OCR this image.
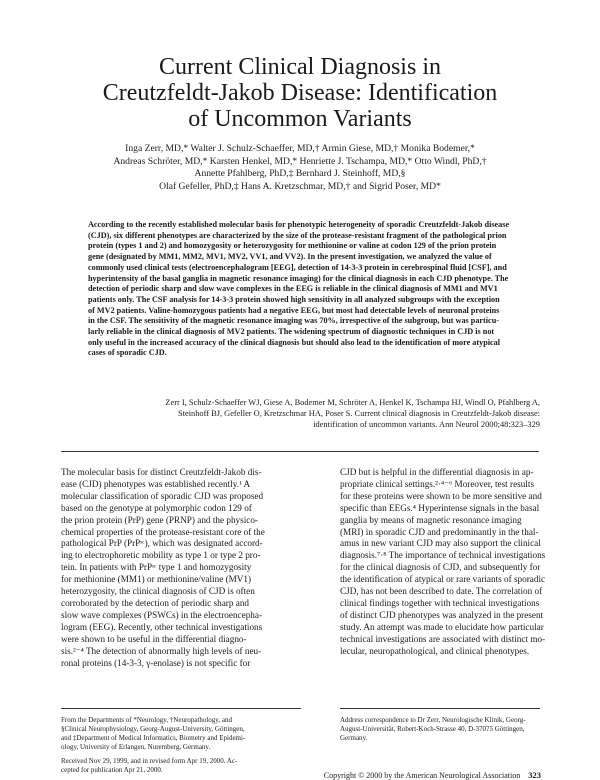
Current Clinical Diagnosis in
Creutzfeldt-Jakob Disease: Identification
of Uncommon Variants
Inga Zerr, MD,* Walter J. Schulz-Schaeffer, MD,† Armin Giese, MD,† Monika Bodemer,*
Andreas Schröter, MD,* Karsten Henkel, MD,* Henriette J. Tschampa, MD,* Otto Windl, PhD,†
Annette Pfahlberg, PhD,‡ Bernhard J. Steinhoff, MD,§
Olaf Gefeller, PhD,‡ Hans A. Kretzschmar, MD,† and Sigrid Poser, MD*
According to the recently established molecular basis for phenotypic heterogeneity of sporadic Creutzfeldt-Jakob disease
(CJD), six different phenotypes are characterized by the size of the protease-resistant fragment of the pathological prion
protein (types 1 and 2) and homozygosity or heterozygosity for methionine or valine at codon 129 of the prion protein
gene (designated by MM1, MM2, MV1, MV2, VV1, and VV2). In the present investigation, we analyzed the value of
commonly used clinical tests (electroencephalogram [EEG], detection of 14-3-3 protein in cerebrospinal fluid [CSF], and
hyperintensity of the basal ganglia in magnetic resonance imaging) for the clinical diagnosis in each CJD phenotype. The
detection of periodic sharp and slow wave complexes in the EEG is reliable in the clinical diagnosis of MM1 and MV1
patients only. The CSF analysis for 14-3-3 protein showed high sensitivity in all analyzed subgroups with the exception
of MV2 patients. Valine-homozygous patients had a negative EEG, but most had detectable levels of neuronal proteins
in the CSF. The sensitivity of the magnetic resonance imaging was 70%, irrespective of the subgroup, but was particu-
larly reliable in the clinical diagnosis of MV2 patients. The widening spectrum of diagnostic techniques in CJD is not
only useful in the increased accuracy of the clinical diagnosis but should also lead to the identification of more atypical
cases of sporadic CJD.
Zerr I, Schulz-Schaeffer WJ, Giese A, Bodemer M, Schröter A, Henkel K, Tschampa HJ, Windl O, Pfahlberg A,
Steinhoff BJ, Gefeller O, Kretzschmar HA, Poser S. Current clinical diagnosis in Creutzfeldt-Jakob disease:
identification of uncommon variants. Ann Neurol 2000;48:323–329
The molecular basis for distinct Creutzfeldt-Jakob dis-
ease (CJD) phenotypes was established recently.¹ A
molecular classification of sporadic CJD was proposed
based on the genotype at polymorphic codon 129 of
the prion protein (PrP) gene (PRNP) and the physico-
chemical properties of the protease-resistant core of the
pathological PrP (PrPˢᶜ), which was designated accord-
ing to electrophoretic mobility as type 1 or type 2 pro-
tein. In patients with PrPˢᶜ type 1 and homozygosity
for methionine (MM1) or methionine/valine (MV1)
heterozygosity, the clinical diagnosis of CJD is often
corroborated by the detection of periodic sharp and
slow wave complexes (PSWCs) in the electroencepha-
logram (EEG). Recently, other technical investigations
were shown to be useful in the differential diagno-
sis.²⁻⁴ The detection of abnormally high levels of neu-
ronal proteins (14-3-3, γ-enolase) is not specific for
CJD but is helpful in the differential diagnosis in ap-
propriate clinical settings.²·⁴⁻⁶ Moreover, test results
for these proteins were shown to be more sensitive and
specific than EEGs.⁴ Hyperintense signals in the basal
ganglia by means of magnetic resonance imaging
(MRI) in sporadic CJD and predominantly in the thal-
amus in new variant CJD may also support the clinical
diagnosis.⁷·⁸ The importance of technical investigations
for the clinical diagnosis of CJD, and subsequently for
the identification of atypical or rare variants of sporadic
CJD, has not been described to date. The correlation of
clinical findings together with technical investigations
of distinct CJD phenotypes was analyzed in the present
study. An attempt was made to elucidate how particular
technical investigations are associated with distinct mo-
lecular, neuropathological, and clinical phenotypes.
From the Departments of *Neurology, †Neuropathology, and
§Clinical Neurophysiology, Georg-August-University, Göttingen,
and ‡Department of Medical Informatics, Biometry and Epidemi-
ology, University of Erlangen, Nuremberg, Germany.
Received Nov 29, 1999, and in revised form Apr 19, 2000. Ac-
cepted for publication Apr 21, 2000.
Address correspondence to Dr Zerr, Neurologische Klinik, Georg-
August-Universität, Robert-Koch-Strasse 40, D-37075 Göttingen,
Germany.
Copyright © 2000 by the American Neurological Association 323
